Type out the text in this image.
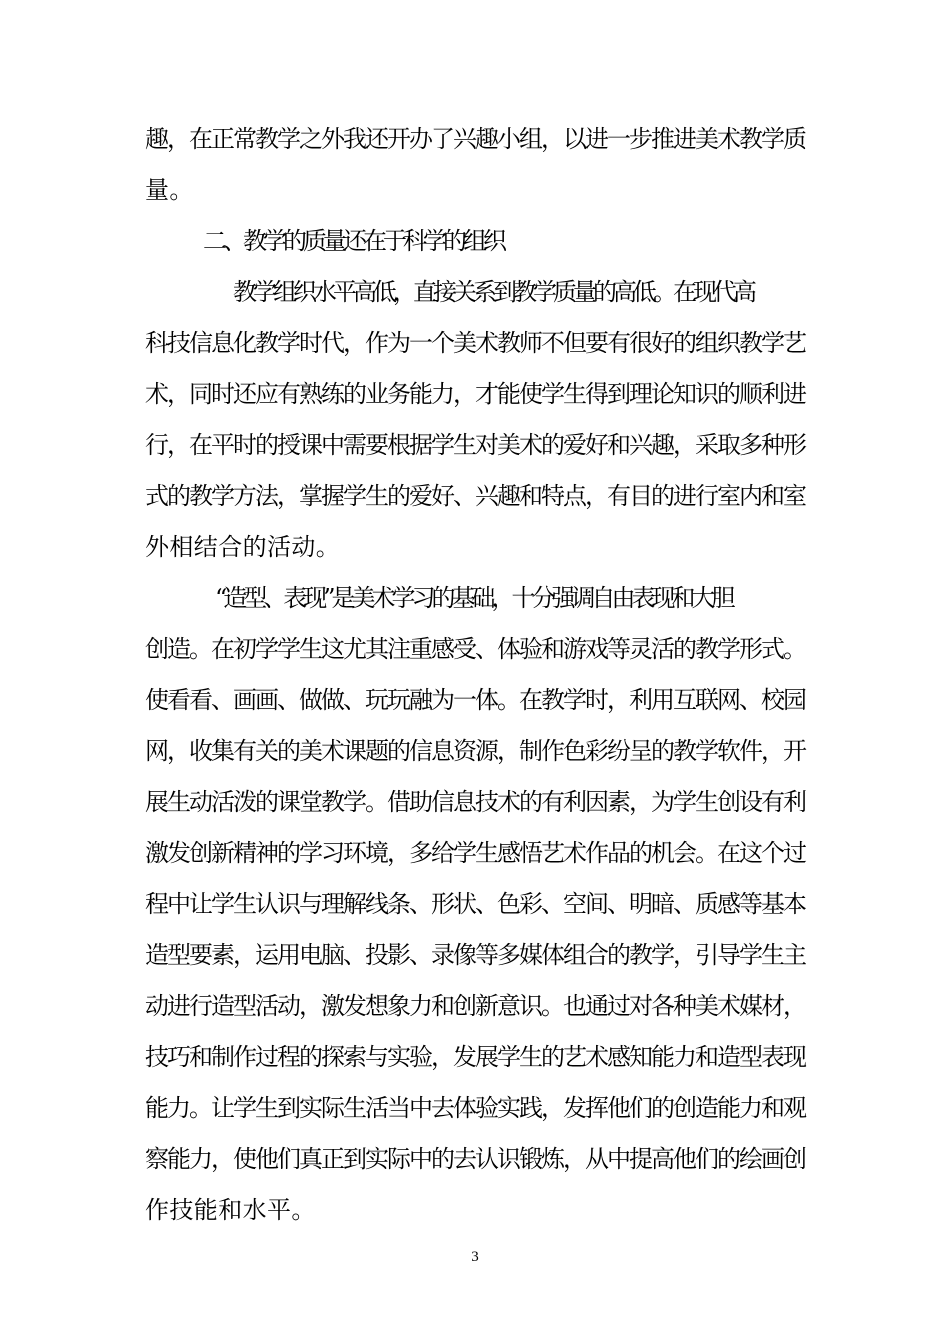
趣，在正常教学之外我还开办了兴趣小组，以进一步推进美术教学质
量。
二、教学的质量还在于科学的组织
教学组织水平高低，直接关系到教学质量的高低。在现代高
科技信息化教学时代，作为一个美术教师不但要有很好的组织教学艺
术，同时还应有熟练的业务能力，才能使学生得到理论知识的顺利进
行，在平时的授课中需要根据学生对美术的爱好和兴趣，采取多种形
式的教学方法，掌握学生的爱好、兴趣和特点，有目的进行室内和室
外相结合的活动。
“造型、表现”是美术学习的基础，十分强调自由表现和大胆
创造。在初学学生这尤其注重感受、体验和游戏等灵活的教学形式。
使看看、画画、做做、玩玩融为一体。在教学时，利用互联网、校园
网，收集有关的美术课题的信息资源，制作色彩纷呈的教学软件，开
展生动活泼的课堂教学。借助信息技术的有利因素，为学生创设有利
激发创新精神的学习环境，多给学生感悟艺术作品的机会。在这个过
程中让学生认识与理解线条、形状、色彩、空间、明暗、质感等基本
造型要素，运用电脑、投影、录像等多媒体组合的教学，引导学生主
动进行造型活动，激发想象力和创新意识。也通过对各种美术媒材，
技巧和制作过程的探索与实验，发展学生的艺术感知能力和造型表现
能力。让学生到实际生活当中去体验实践，发挥他们的创造能力和观
察能力，使他们真正到实际中的去认识锻炼，从中提高他们的绘画创
作技能和水平。
3
